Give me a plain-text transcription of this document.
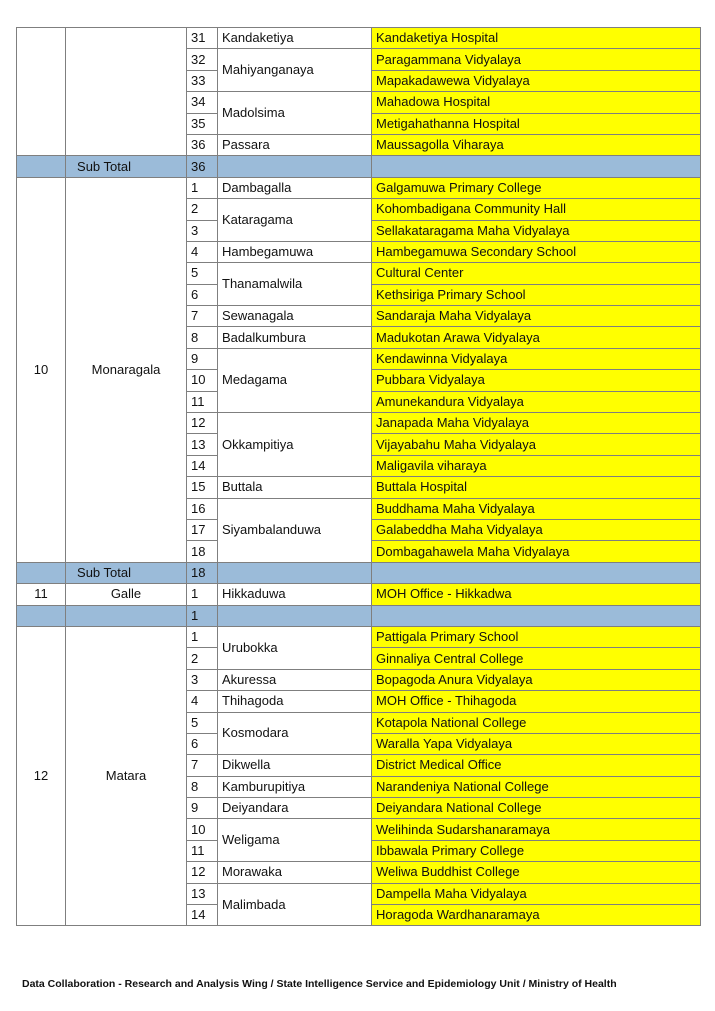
		31	Kandaketiya	Kandaketiya Hospital
		32	Mahiyanganaya	Paragammana Vidyalaya
		33		Mapakadawewa Vidyalaya
		34	Madolsima	Mahadowa Hospital
		35		Metigahathanna Hospital
		36	Passara	Maussagolla Viharaya
	Sub Total	36		
10	Monaragala	1	Dambagalla	Galgamuwa Primary College
		2	Kataragama	Kohombadigana Community Hall
		3		Sellakataragama Maha Vidyalaya
		4	Hambegamuwa	Hambegamuwa Secondary School
		5	Thanamalwila	Cultural Center
		6		Kethsiriga Primary School
		7	Sewanagala	Sandaraja Maha Vidyalaya
		8	Badalkumbura	Madukotan Arawa Vidyalaya
		9	Medagama	Kendawinna Vidyalaya
		10		Pubbara Vidyalaya
		11		Amunekandura Vidyalaya
		12	Okkampitiya	Janapada Maha Vidyalaya
		13		Vijayabahu Maha Vidyalaya
		14		Maligavila viharaya
		15	Buttala	Buttala Hospital
		16	Siyambalanduwa	Buddhama Maha Vidyalaya
		17		Galabeddha Maha Vidyalaya
		18		Dombagahawela Maha Vidyalaya
	Sub Total	18		
11	Galle	1	Hikkaduwa	MOH Office - Hikkadwa
		1		
12	Matara	1	Urubokka	Pattigala Primary School
		2		Ginnaliya Central College
		3	Akuressa	Bopagoda Anura Vidyalaya
		4	Thihagoda	MOH Office - Thihagoda
		5	Kosmodara	Kotapola National College
		6		Waralla Yapa Vidyalaya
		7	Dikwella	District Medical Office
		8	Kamburupitiya	Narandeniya National College
		9	Deiyandara	Deiyandara National College
		10	Weligama	Welihinda Sudarshanaramaya
		11		Ibbawala Primary College
		12	Morawaka	Weliwa Buddhist College
		13	Malimbada	Dampella Maha Vidyalaya
		14		Horagoda Wardhanaramaya
Data Collaboration - Research and Analysis Wing / State Intelligence Service and Epidemiology Unit / Ministry of Health
